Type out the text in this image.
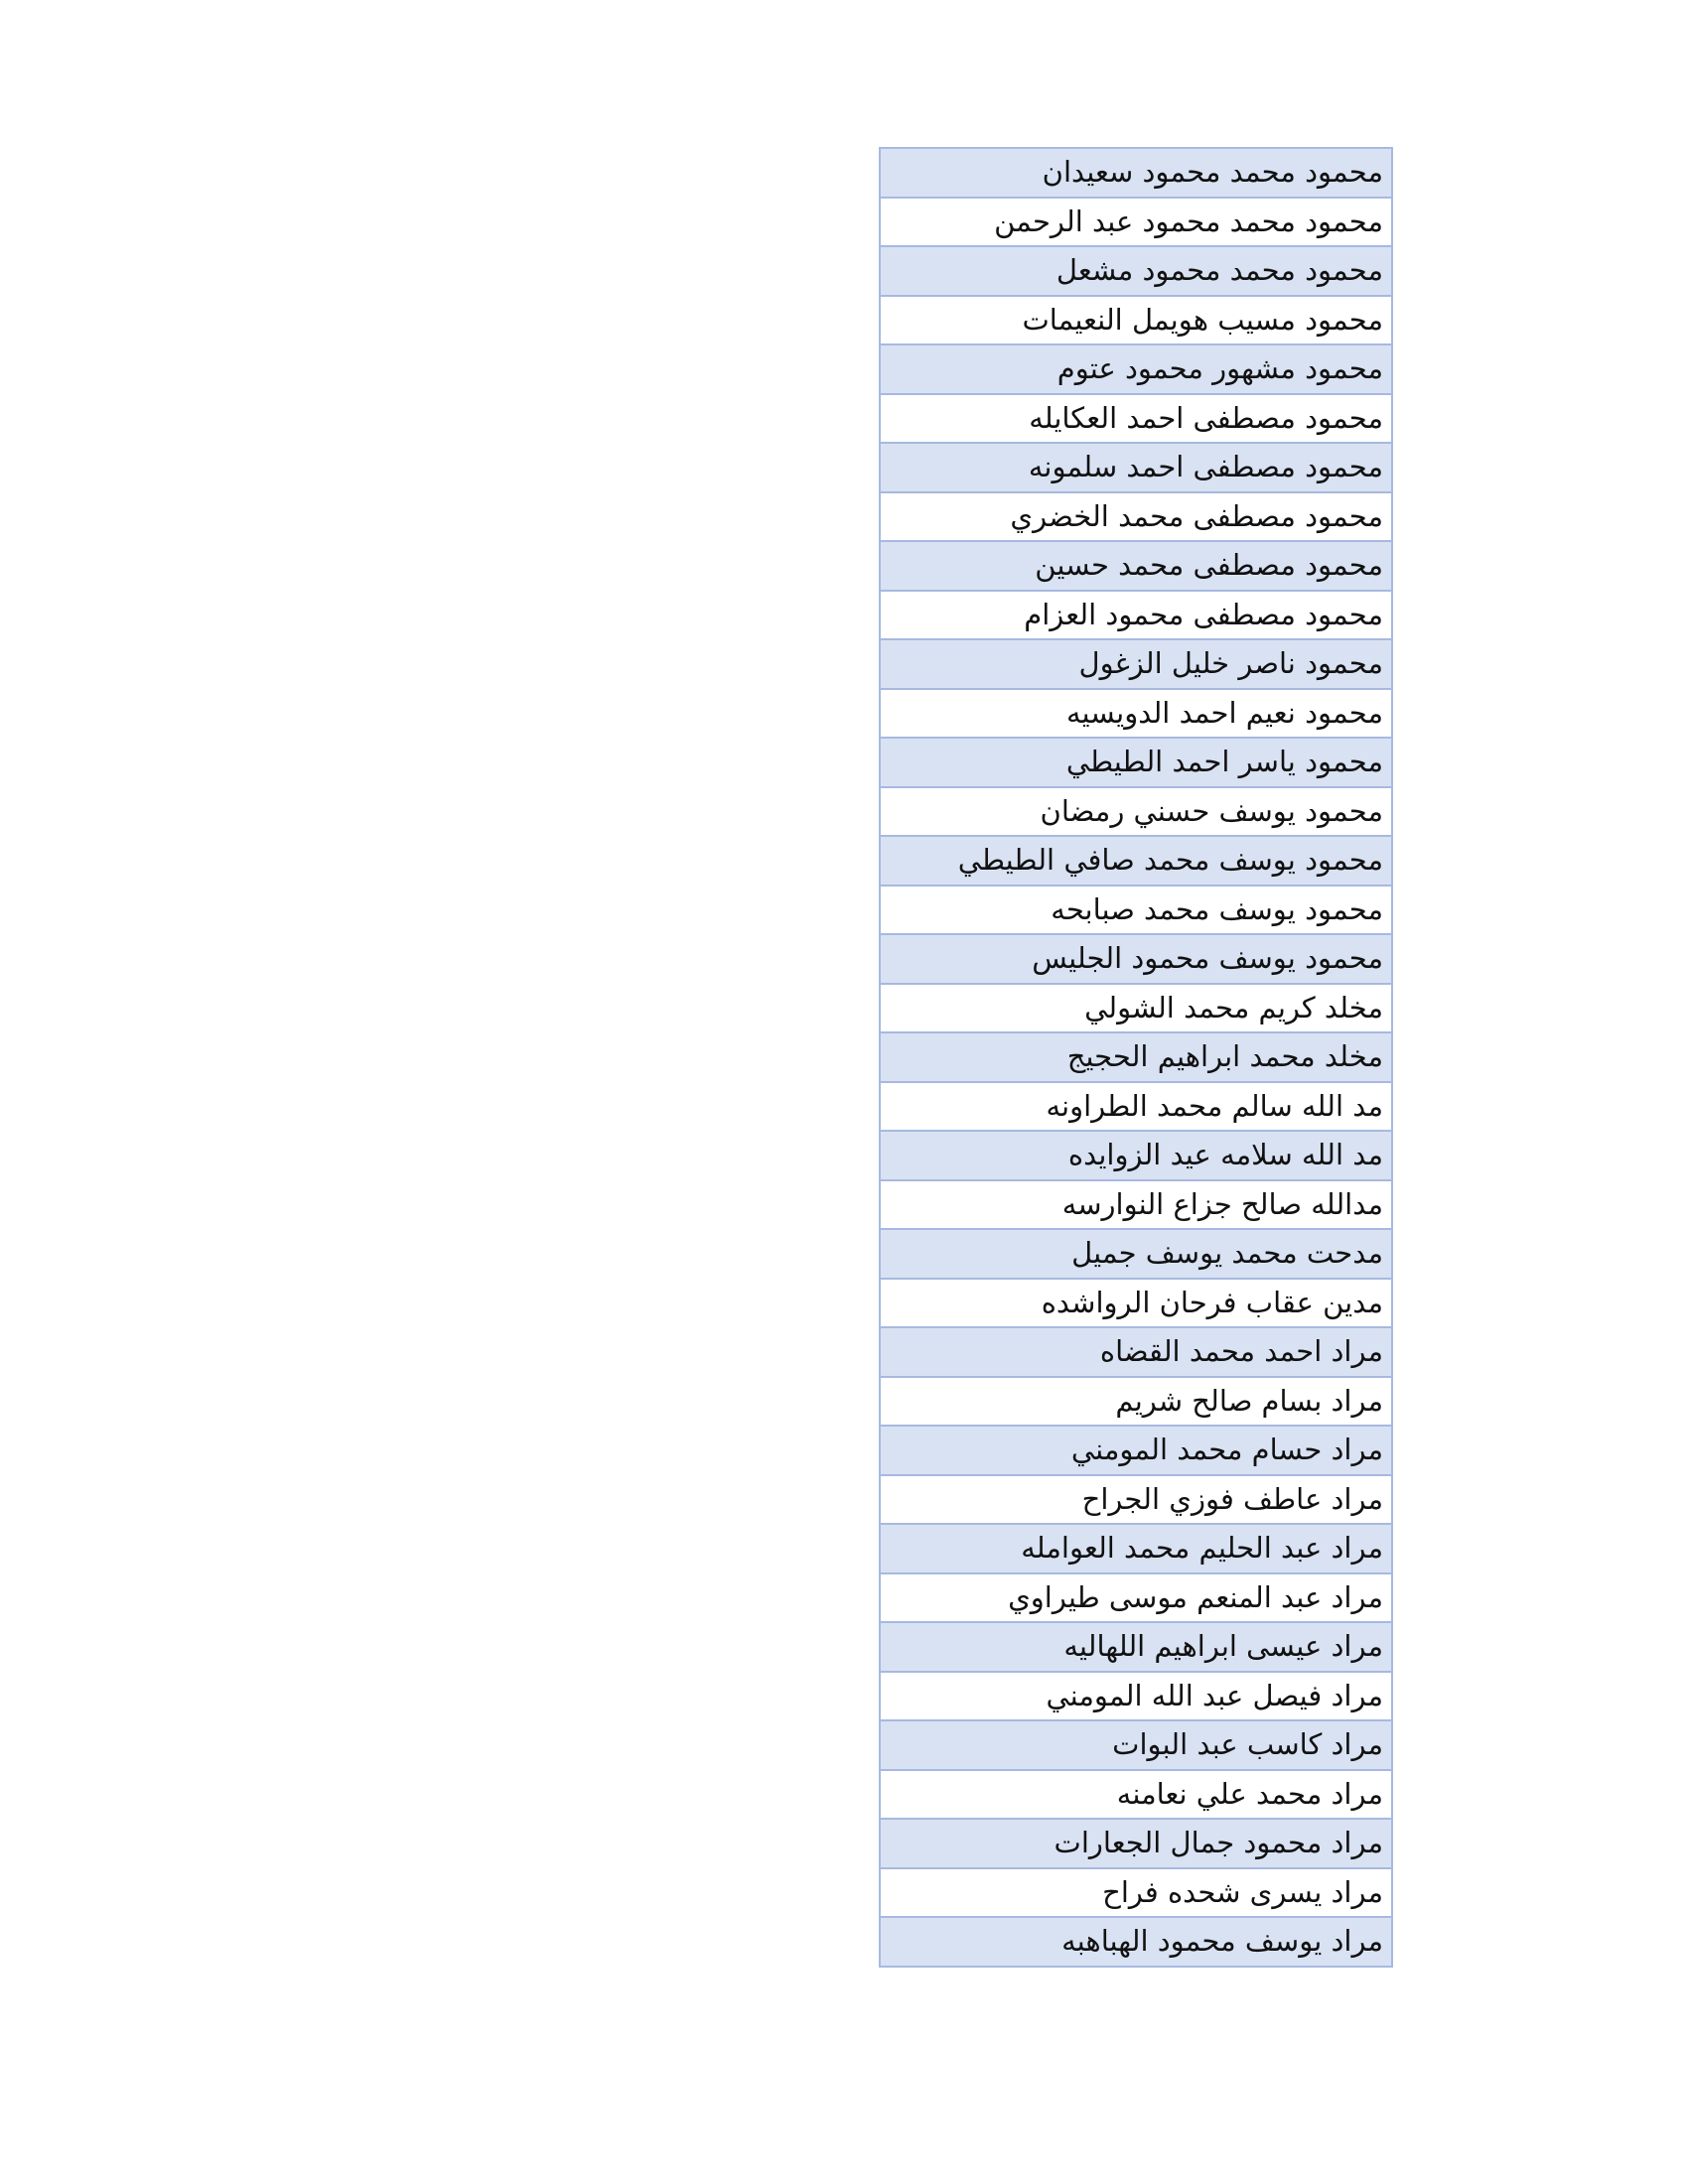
محمود محمد محمود سعيدان
محمود محمد محمود عبد الرحمن
محمود محمد محمود مشعل
محمود مسيب هويمل النعيمات
محمود مشهور محمود عتوم
محمود مصطفى احمد العكايله
محمود مصطفى احمد سلمونه
محمود مصطفى محمد الخضري
محمود مصطفى محمد حسين
محمود مصطفى محمود العزام
محمود ناصر خليل الزغول
محمود نعيم احمد الدويسيه
محمود ياسر احمد الطيطي
محمود يوسف حسني رمضان
محمود يوسف محمد صافي الطيطي
محمود يوسف محمد صبابحه
محمود يوسف محمود الجليس
مخلد كريم محمد الشولي
مخلد محمد ابراهيم الحجيج
مد الله سالم محمد الطراونه
مد الله سلامه عيد الزوايده
مدالله صالح جزاع النوارسه
مدحت محمد يوسف جميل
مدين عقاب فرحان الرواشده
مراد احمد محمد القضاه
مراد بسام صالح شريم
مراد حسام محمد المومني
مراد عاطف فوزي الجراح
مراد عبد الحليم محمد العوامله
مراد عبد المنعم موسى طيراوي
مراد عيسى ابراهيم اللهاليه
مراد فيصل عبد الله المومني
مراد كاسب عبد البوات
مراد محمد علي نعامنه
مراد محمود جمال الجعارات
مراد يسرى شحده فراح
مراد يوسف محمود الهباهبه
